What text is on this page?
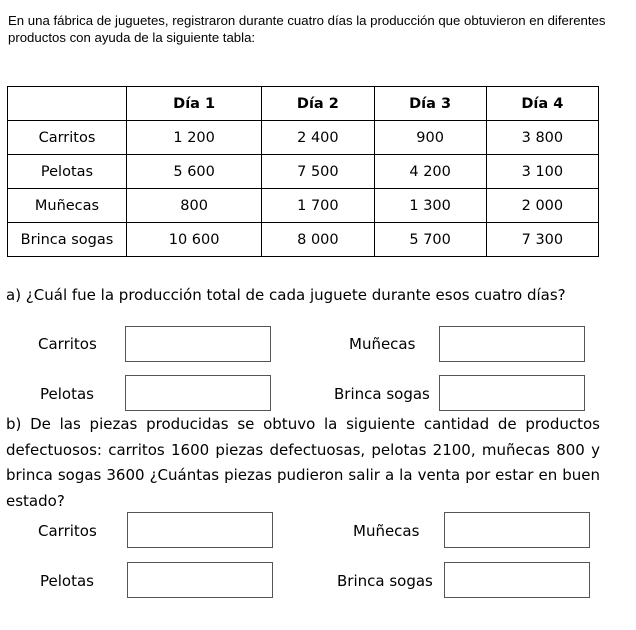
En una fábrica de juguetes, registraron durante cuatro días la producción que obtuvieron en diferentes productos con ayuda de la siguiente tabla:
	Día 1	Día 2	Día 3	Día 4
Carritos	1 200	2 400	900	3 800
Pelotas	5 600	7 500	4 200	3 100
Muñecas	800	1 700	1 300	2 000
Brinca sogas	10 600	8 000	5 700	7 300
a) ¿Cuál fue la producción total de cada juguete durante esos cuatro días?
Carritos	Muñecas
Pelotas	Brinca sogas
b) De las piezas producidas se obtuvo la siguiente cantidad de productos defectuosos: carritos 1600 piezas defectuosas, pelotas 2100, muñecas 800 y brinca sogas 3600 ¿Cuántas piezas pudieron salir a la venta por estar en buen estado?
Carritos	Muñecas
Pelotas	Brinca sogas
